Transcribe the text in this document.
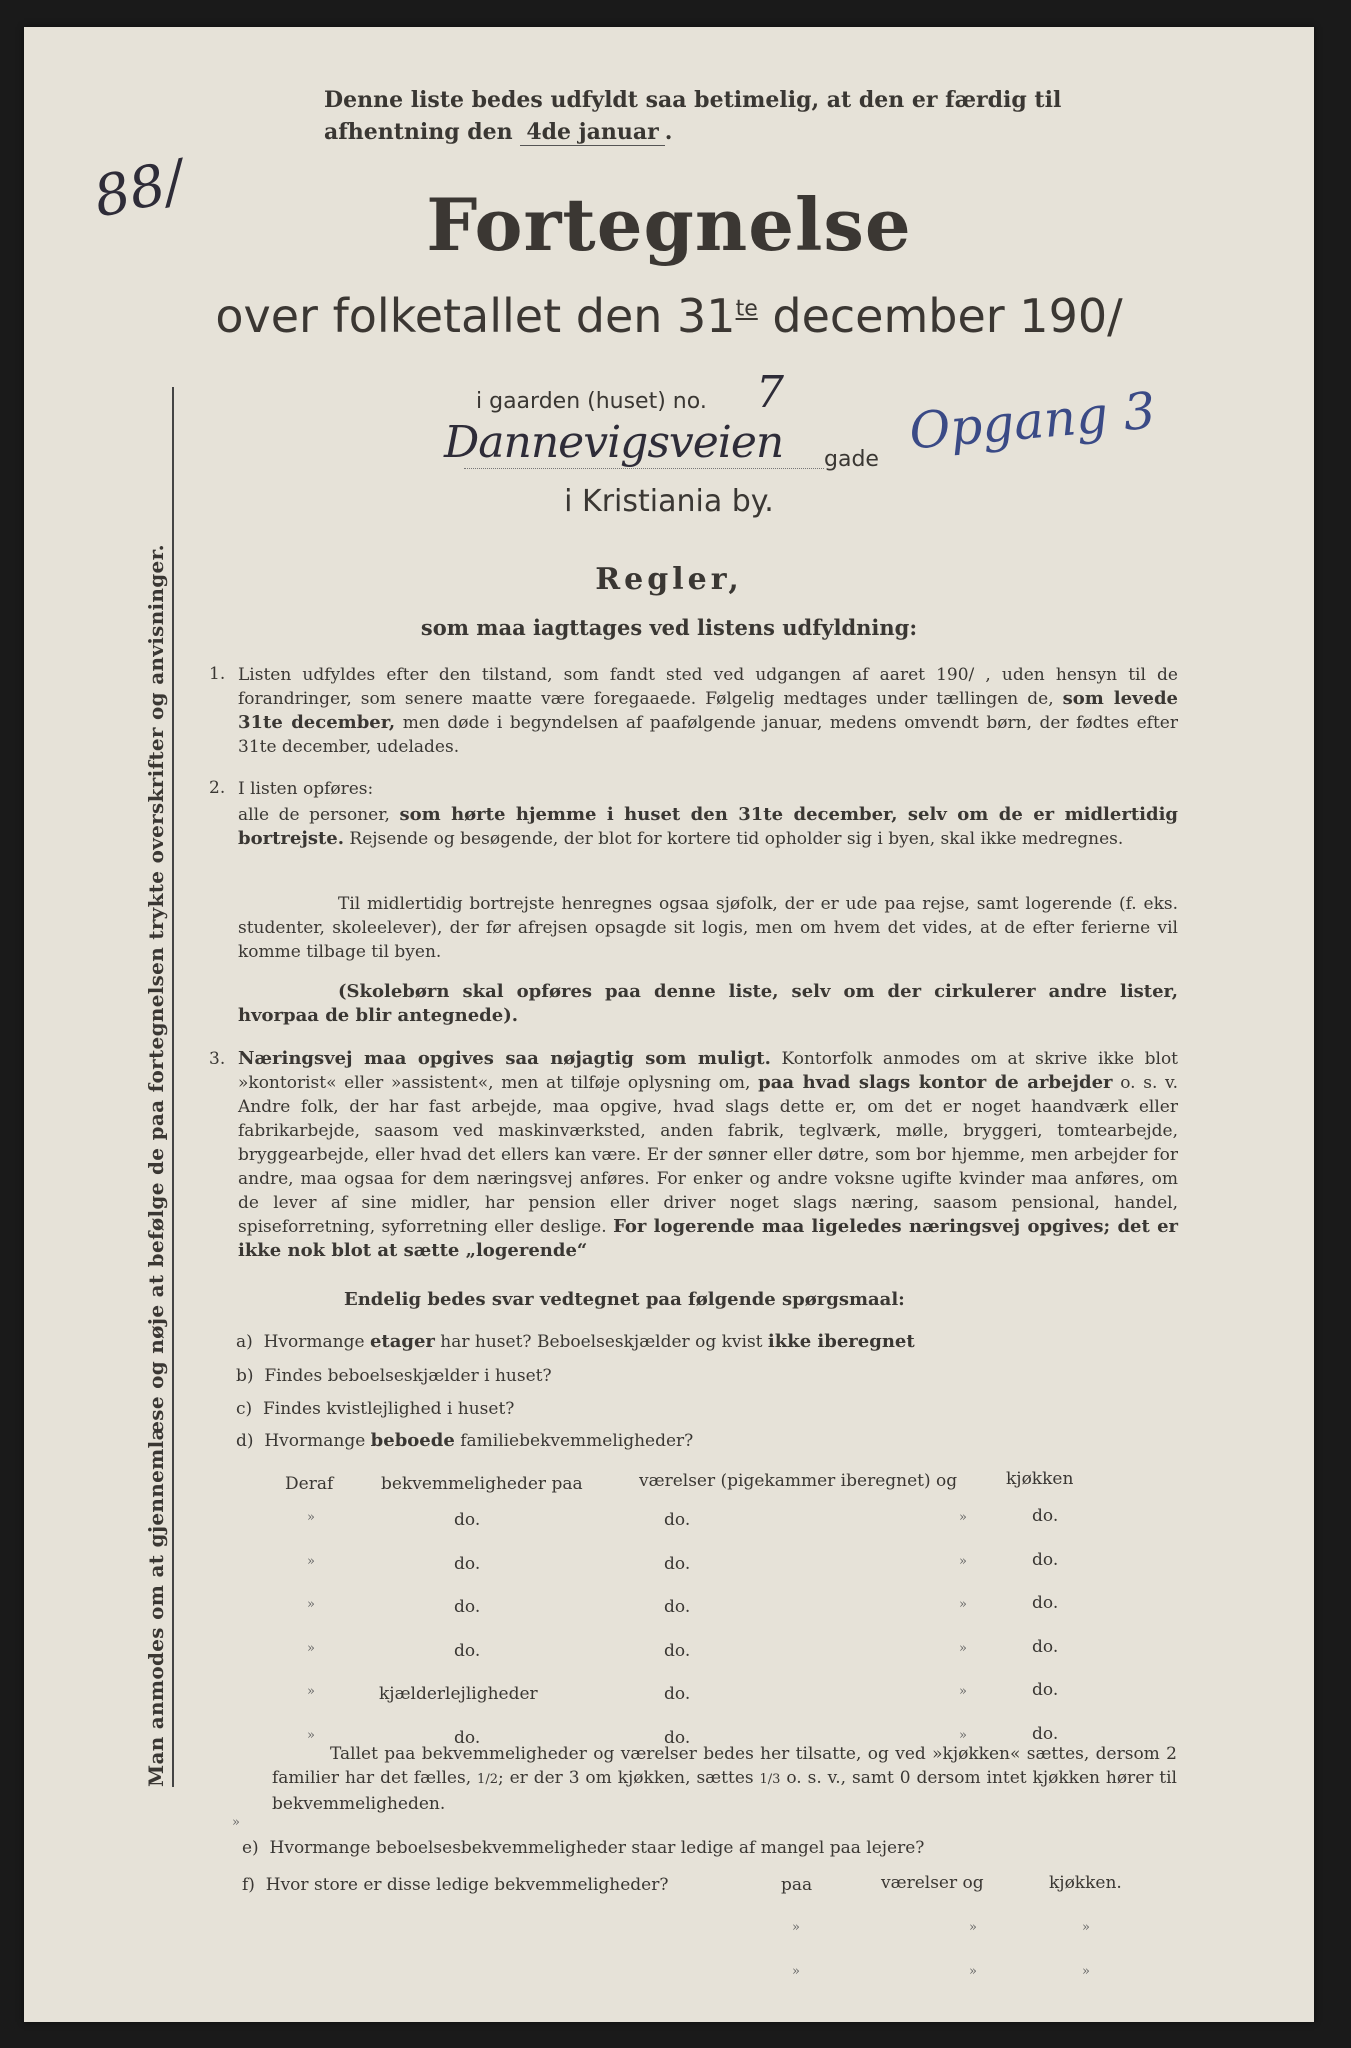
88/
Denne liste bedes udfyldt saa betimelig, at den er færdig til afhentning den 4de januar .
Fortegnelse
over folketallet den $31^{te}$ december 190/
i gaarden (huset) no. 7
Dannevigsveien gade Opgang 3
i Kristiania by.
Regler,
som maa iagttages ved listens udfyldning:
1. Listen udfyldes efter den tilstand, som fandt sted ved udgangen af aaret 190/ , uden hensyn til de forandringer, som senere maatte være foregaaede. Følgelig medtages under tællingen de, som levede 31te december, men døde i begyndelsen af paafølgende januar, medens omvendt børn, der fødtes efter 31te december, udelades.
2. I listen opføres:
alle de personer, som hørte hjemme i huset den 31te december, selv om de er midlertidig bortrejste. Rejsende og besøgende, der blot for kortere tid opholder sig i byen, skal ikke medregnes.
Til midlertidig bortrejste henregnes ogsaa sjøfolk, der er ude paa rejse, samt logerende (f. eks. studenter, skoleelever), der før afrejsen opsagde sit logis, men om hvem det vides, at de efter ferierne vil komme tilbage til byen.
(Skolebørn skal opføres paa denne liste, selv om der cirkulerer andre lister, hvorpaa de blir antegnede).
3. Næringsvej maa opgives saa nøjagtig som muligt. Kontorfolk anmodes om at skrive ikke blot »kontorist« eller »assistent«, men at tilføje oplysning om, paa hvad slags kontor de arbejder o. s. v. Andre folk, der har fast arbejde, maa opgive, hvad slags dette er, om det er noget haandværk eller fabrikarbejde, saasom ved maskinværksted, anden fabrik, teglværk, mølle, bryggeri, tomtearbejde, bryggearbejde, eller hvad det ellers kan være. Er der sønner eller døtre, som bor hjemme, men arbejder for andre, maa ogsaa for dem næringsvej anføres. For enker og andre voksne ugifte kvinder maa anføres, om de lever af sine midler, har pension eller driver noget slags næring, saasom pensional, handel, spiseforretning, syforretning eller deslige. For logerende maa ligeledes næringsvej opgives; det er ikke nok blot at sætte „logerende“
Endelig bedes svar vedtegnet paa følgende spørgsmaal:
a) Hvormange etager har huset? Beboelseskjælder og kvist ikke iberegnet
b) Findes beboelseskjælder i huset?
c) Findes kvistlejlighed i huset?
d) Hvormange beboede familiebekvemmeligheder?
Deraf	bekvemmeligheder paa	værelser (pigekammer iberegnet) og	kjøkken
»	do.	do.	»	do.
»	do.	do.	»	do.
»	do.	do.	»	do.
»	do.	do.	»	do.
»	kjælderlejligheder	do.	»	do.
»	do.	do.	»	do.
Tallet paa bekvemmeligheder og værelser bedes her tilsatte, og ved »kjøkken« sættes, dersom 2 familier har det fælles, 1/2; er der 3 om kjøkken, sættes 1/3 o. s. v., samt 0 dersom intet kjøkken hører til bekvemmeligheden.
e) Hvormange beboelsesbekvemmeligheder staar ledige af mangel paa lejere?
f) Hvor store er disse ledige bekvemmeligheder?	paa	værelser og	kjøkken.
»	»	»
»	»	»
»
Man anmodes om at gjennemlæse og nøje at befølge de paa fortegnelsen trykte overskrifter og anvisninger.
